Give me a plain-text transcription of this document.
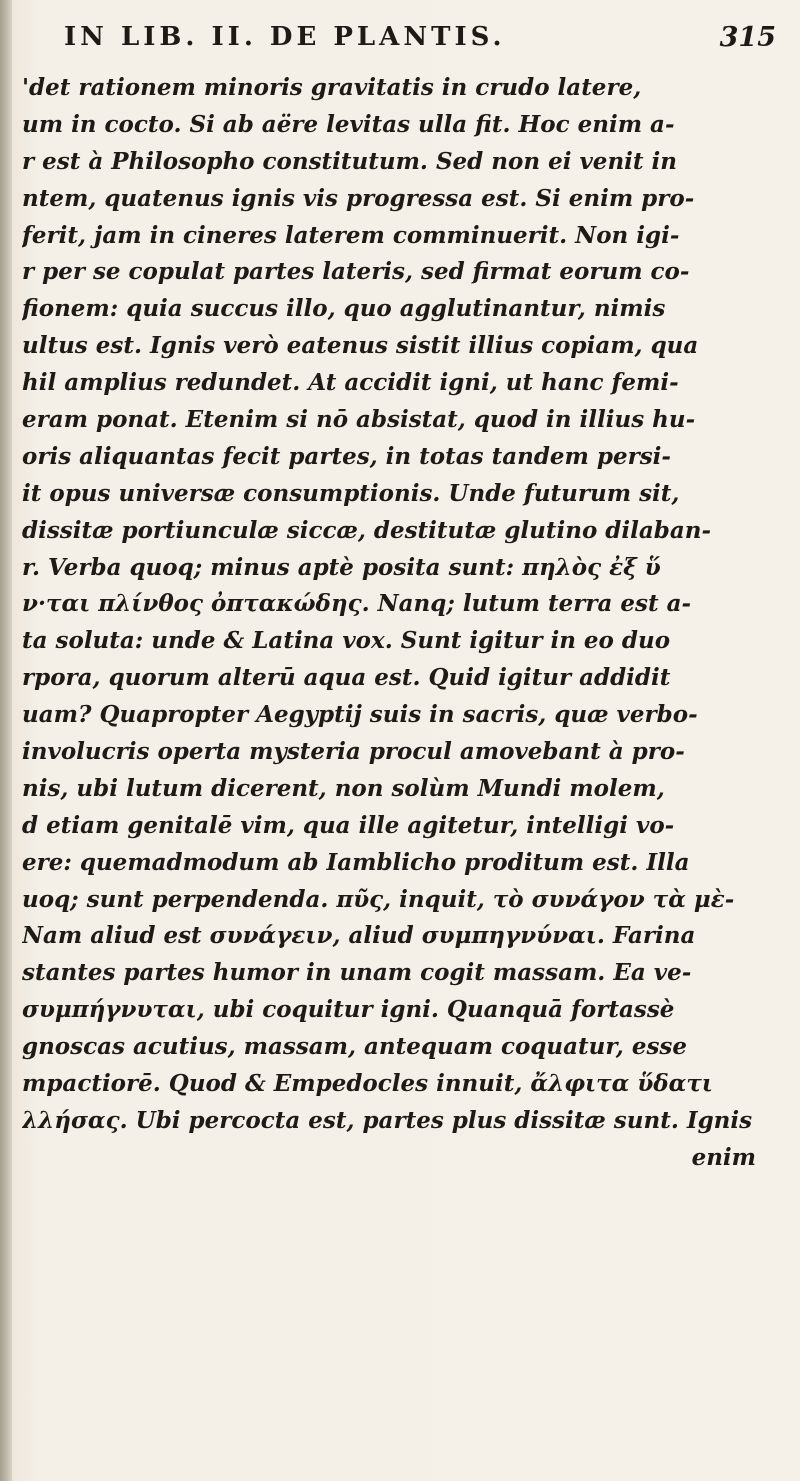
IN LIB. II. DE PLANTIS.	315
'det rationem minoris gravitatis in crudo latere,
um in cocto. Si ab aëre levitas ulla fit. Hoc enim a-
r est à Philosopho constitutum. Sed non ei venit in
ntem, quatenus ignis vis progressa est. Si enim pro-
ferit, jam in cineres laterem comminuerit. Non igi-
r per se copulat partes lateris, sed firmat eorum co-
fionem: quia succus illo, quo agglutinantur, nimis
ultus est. Ignis verò eatenus sistit illius copiam, qua
hil amplius redundet. At accidit igni, ut hanc femi-
eram ponat. Etenim si nō absistat, quod in illius hu-
oris aliquantas fecit partes, in totas tandem persi-
it opus universæ consumptionis. Unde futurum sit,
dissitæ portiunculæ siccæ, destitutæ glutino dilaban-
r. Verba quoq; minus aptè posita sunt: πηλὸς ἐξ ὕ
ν·ται πλίνθος ὀπτακώδης. Nanq; lutum terra est a-
ta soluta: unde & Latina vox. Sunt igitur in eo duo
rpora, quorum alterū aqua est. Quid igitur addidit
uam? Quapropter Aegyptij suis in sacris, quæ verbo-
involucris operta mysteria procul amovebant à pro-
nis, ubi lutum dicerent, non solùm Mundi molem,
d etiam genitalē vim, qua ille agitetur, intelligi vo-
ere: quemadmodum ab Iamblicho proditum est. Illa
uoq; sunt perpendenda. πῦς, inquit, τὸ συνάγον τὰ μὲ-
Nam aliud est συνάγειν, aliud συμπηγνύναι. Farina
stantes partes humor in unam cogit massam. Ea ve-
συμπήγνυται, ubi coquitur igni. Quanquā fortassè
gnoscas acutius, massam, antequam coquatur, esse
mpactiorē. Quod & Empedocles innuit, ἄλφιτα ὕδατι
λλήσας. Ubi percocta est, partes plus dissitæ sunt. Ignis
enim
